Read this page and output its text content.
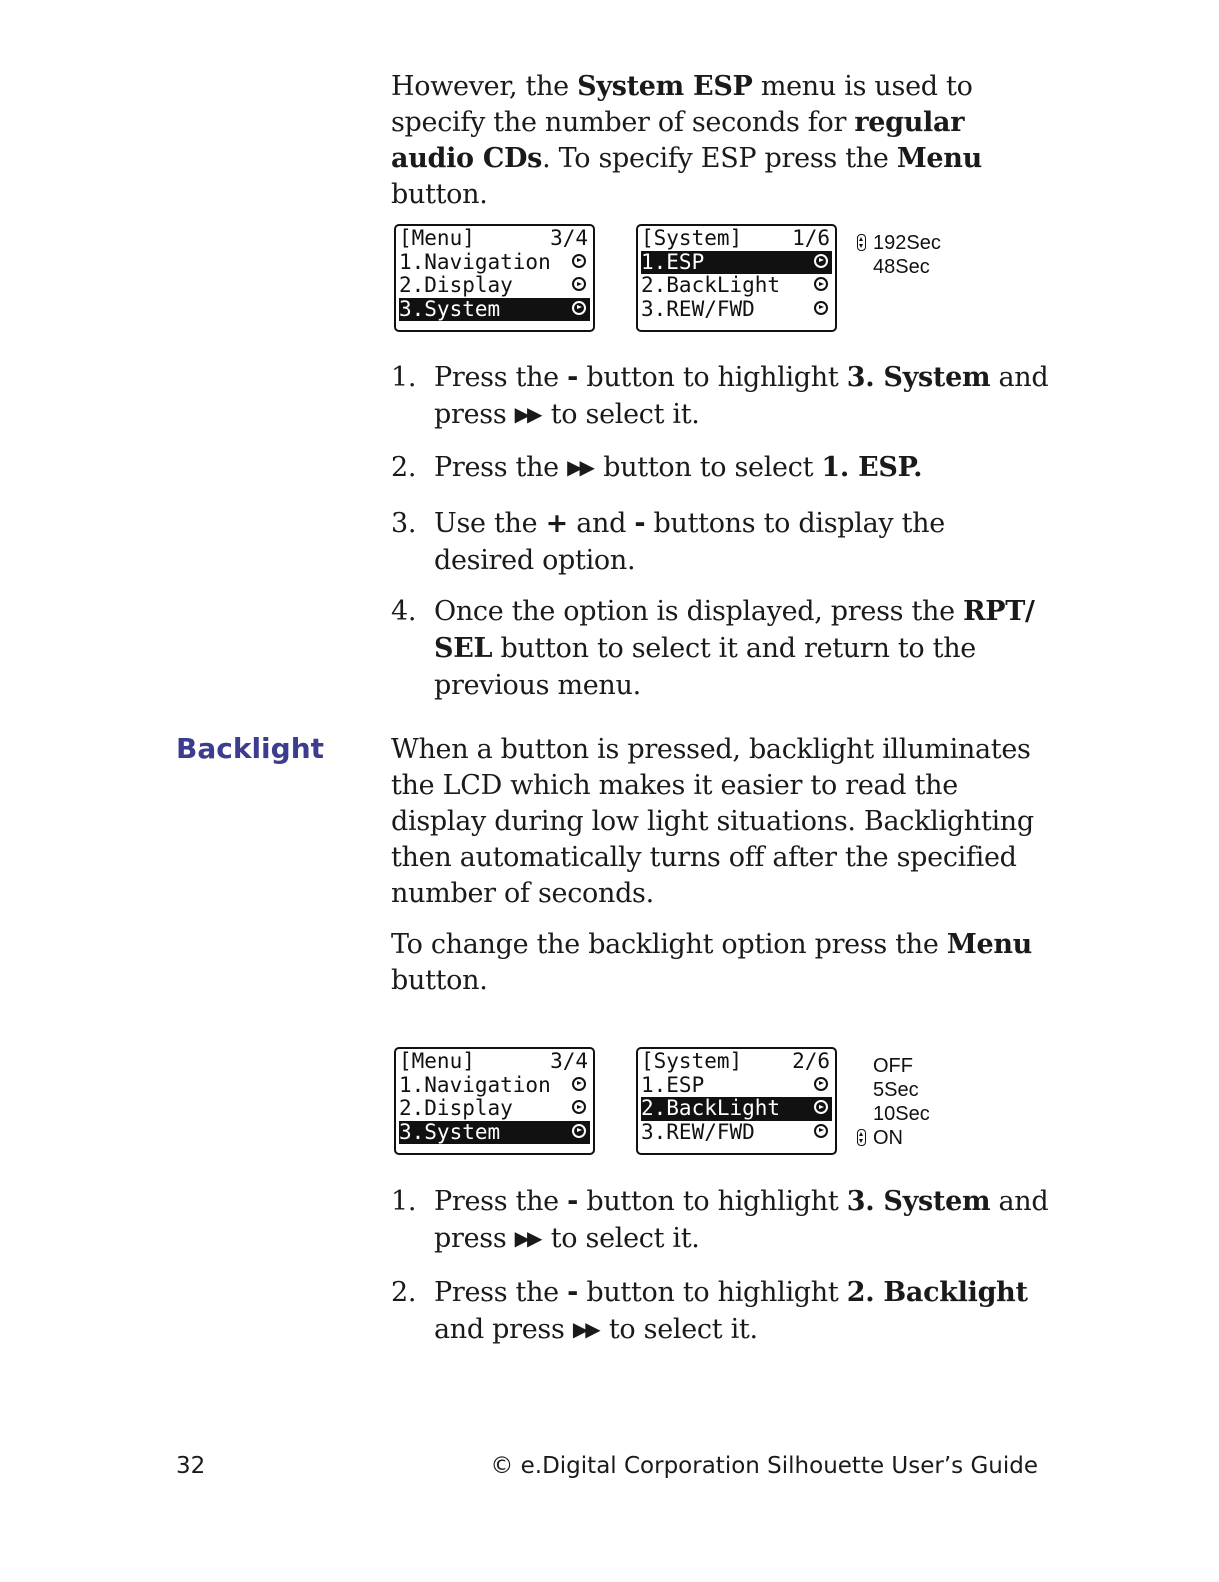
However, the System ESP menu is used to specify the number of seconds for regular audio CDs. To specify ESP press the Menu button.
[Menu]	3/4
1.Navigation
2.Display
3.System
[System] 1/6
1.ESP
2.BackLight
3.REW/FWD
192Sec
48Sec
1. Press the - button to highlight 3. System and press ▶▶ to select it.
2. Press the ▶▶ button to select 1. ESP.
3. Use the + and - buttons to display the desired option.
4. Once the option is displayed, press the RPT/ SEL button to select it and return to the previous menu.
Backlight When a button is pressed, backlight illuminates the LCD which makes it easier to read the display during low light situations. Backlighting then automatically turns off after the specified number of seconds.
To change the backlight option press the Menu button.
[Menu]	3/4
1.Navigation
2.Display
3.System
[System] 2/6
1.ESP
2.BackLight
3.REW/FWD
OFF
5Sec
10Sec
ON
1. Press the - button to highlight 3. System and press ▶▶ to select it.
2. Press the - button to highlight 2. Backlight and press ▶▶ to select it.
32	© e.Digital Corporation Silhouette User’s Guide
